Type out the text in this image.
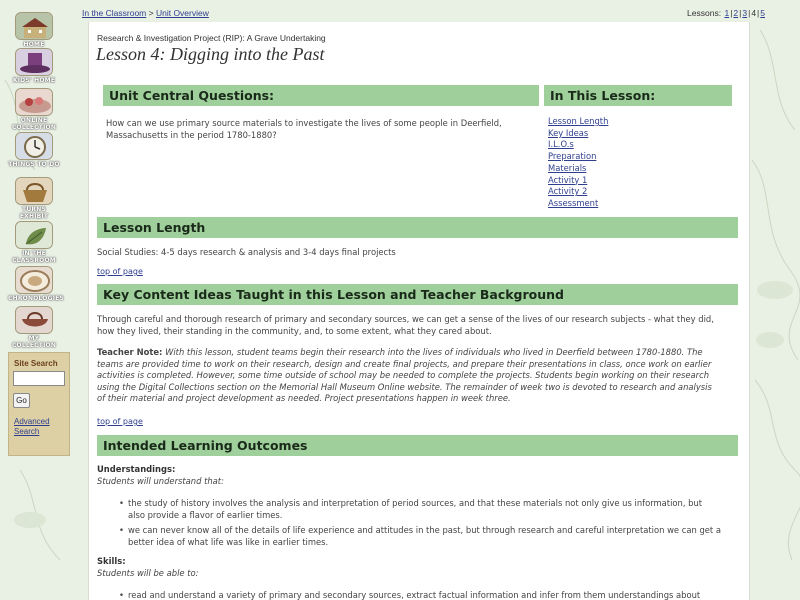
HOME
KIDS' HOME
ONLINE COLLECTION
THINGS TO DO
TURNS EXHIBIT
IN THE CLASSROOM
CHRONOLOGIES
MY COLLECTION
Site Search
Go
Advanced
Search
In the Classroom > Unit Overview	Lessons: 1|2|3|4|5
Research & Investigation Project (RIP): A Grave Undertaking
Lesson 4: Digging into the Past
Unit Central Questions:	In This Lesson:
How can we use primary source materials to investigate the lives of some people in Deerfield,
Massachusetts in the period 1780-1880?
Lesson Length
Key Ideas
I.L.O.s
Preparation
Materials
Activity 1
Activity 2
Assessment
Lesson Length
Social Studies: 4-5 days research & analysis and 3-4 days final projects
top of page
Key Content Ideas Taught in this Lesson and Teacher Background
Through careful and thorough research of primary and secondary sources, we can get a sense of the lives of our research subjects - what they did,
how they lived, their standing in the community, and, to some extent, what they cared about.
Teacher Note: With this lesson, student teams begin their research into the lives of individuals who lived in Deerfield between 1780-1880. The
teams are provided time to work on their research, design and create final projects, and prepare their presentations in class, once work on earlier
activities is completed. However, some time outside of school may be needed to complete the projects. Students begin working on their research
using the Digital Collections section on the Memorial Hall Museum Online website. The remainder of week two is devoted to research and analysis
of their material and project development as needed. Project presentations happen in week three.
top of page
Intended Learning Outcomes
Understandings:
Students will understand that:
• the study of history involves the analysis and interpretation of period sources, and that these materials not only give us information, but
also provide a flavor of earlier times.
• we can never know all of the details of life experience and attitudes in the past, but through research and careful interpretation we can get a
better idea of what life was like in earlier times.
Skills:
Students will be able to:
• read and understand a variety of primary and secondary sources, extract factual information and infer from them understandings about
